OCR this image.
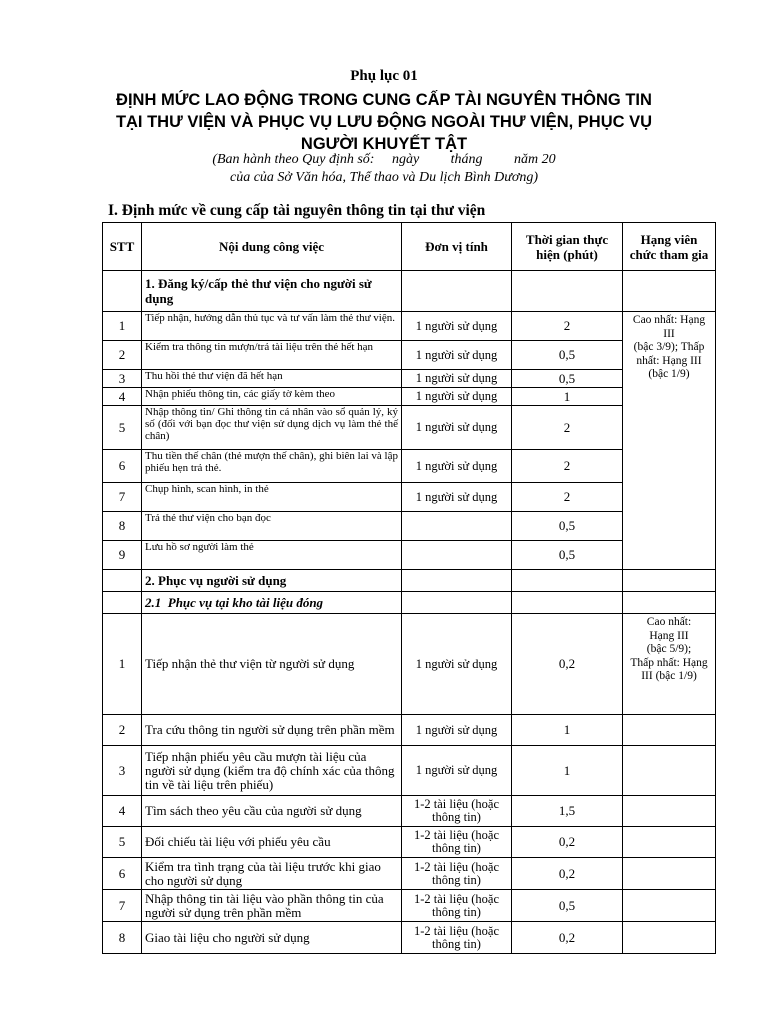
Phụ lục 01
ĐỊNH MỨC LAO ĐỘNG TRONG CUNG CẤP TÀI NGUYÊN THÔNG TIN
TẠI THƯ VIỆN VÀ PHỤC VỤ LƯU ĐỘNG NGOÀI THƯ VIỆN, PHỤC VỤ
NGƯỜI KHUYẾT TẬT
(Ban hành theo Quy định số:     ngày         tháng         năm 20
của của Sở Văn hóa, Thể thao và Du lịch Bình Dương)
I. Định mức về cung cấp tài nguyên thông tin tại thư viện
STT	Nội dung công việc	Đơn vị tính	Thời gian thực hiện (phút)	Hạng viên chức tham gia
	1. Đăng ký/cấp thẻ thư viện cho người sử dụng			
1	Tiếp nhận, hướng dẫn thủ tục và tư vấn làm thẻ thư viện.	1 người sử dụng	2	Cao nhất: Hạng III
(bậc 3/9); Thấp nhất: Hạng III
(bậc 1/9)
2	Kiểm tra thông tin mượn/trả tài liệu trên thẻ hết hạn	1 người sử dụng	0,5	
3	Thu hồi thẻ thư viện đã hết hạn	1 người sử dụng	0,5	
4	Nhận phiếu thông tin, các giấy tờ kèm theo	1 người sử dụng	1	
5	Nhập thông tin/ Ghi thông tin cá nhân vào sổ quản lý, ký số (đối với bạn đọc thư viện sử dụng dịch vụ làm thẻ thế chân)	1 người sử dụng	2	
6	Thu tiền thế chân (thẻ mượn thế chân), ghi biên lai và lập phiếu hẹn trả thẻ.	1 người sử dụng	2	
7	Chụp hình, scan hình, in thẻ	1 người sử dụng	2	
8	Trả thẻ thư viện cho bạn đọc		0,5	
9	Lưu hồ sơ người làm thẻ		0,5	
	2. Phục vụ người sử dụng			
	2.1  Phục vụ tại kho tài liệu đóng			
1	Tiếp nhận thẻ thư viện từ người sử dụng	1 người sử dụng	0,2	Cao nhất:
Hạng III
(bậc 5/9);
Thấp nhất: Hạng
III (bậc 1/9)
2	Tra cứu thông tin người sử dụng trên phần mềm	1 người sử dụng	1	
3	Tiếp nhận phiếu yêu cầu mượn tài liệu của người sử dụng (kiểm tra độ chính xác của thông tin về tài liệu trên phiếu)	1 người sử dụng	1	
4	Tìm sách theo yêu cầu của người sử dụng	1-2 tài liệu (hoặc thông tin)	1,5	
5	Đối chiếu tài liệu với phiếu yêu cầu	1-2 tài liệu (hoặc thông tin)	0,2	
6	Kiểm tra tình trạng của tài liệu trước khi giao cho người sử dụng	1-2 tài liệu (hoặc thông tin)	0,2	
7	Nhập thông tin tài liệu vào phần thông tin của người sử dụng trên phần mềm	1-2 tài liệu (hoặc thông tin)	0,5	
8	Giao tài liệu cho người sử dụng	1-2 tài liệu (hoặc thông tin)	0,2	
